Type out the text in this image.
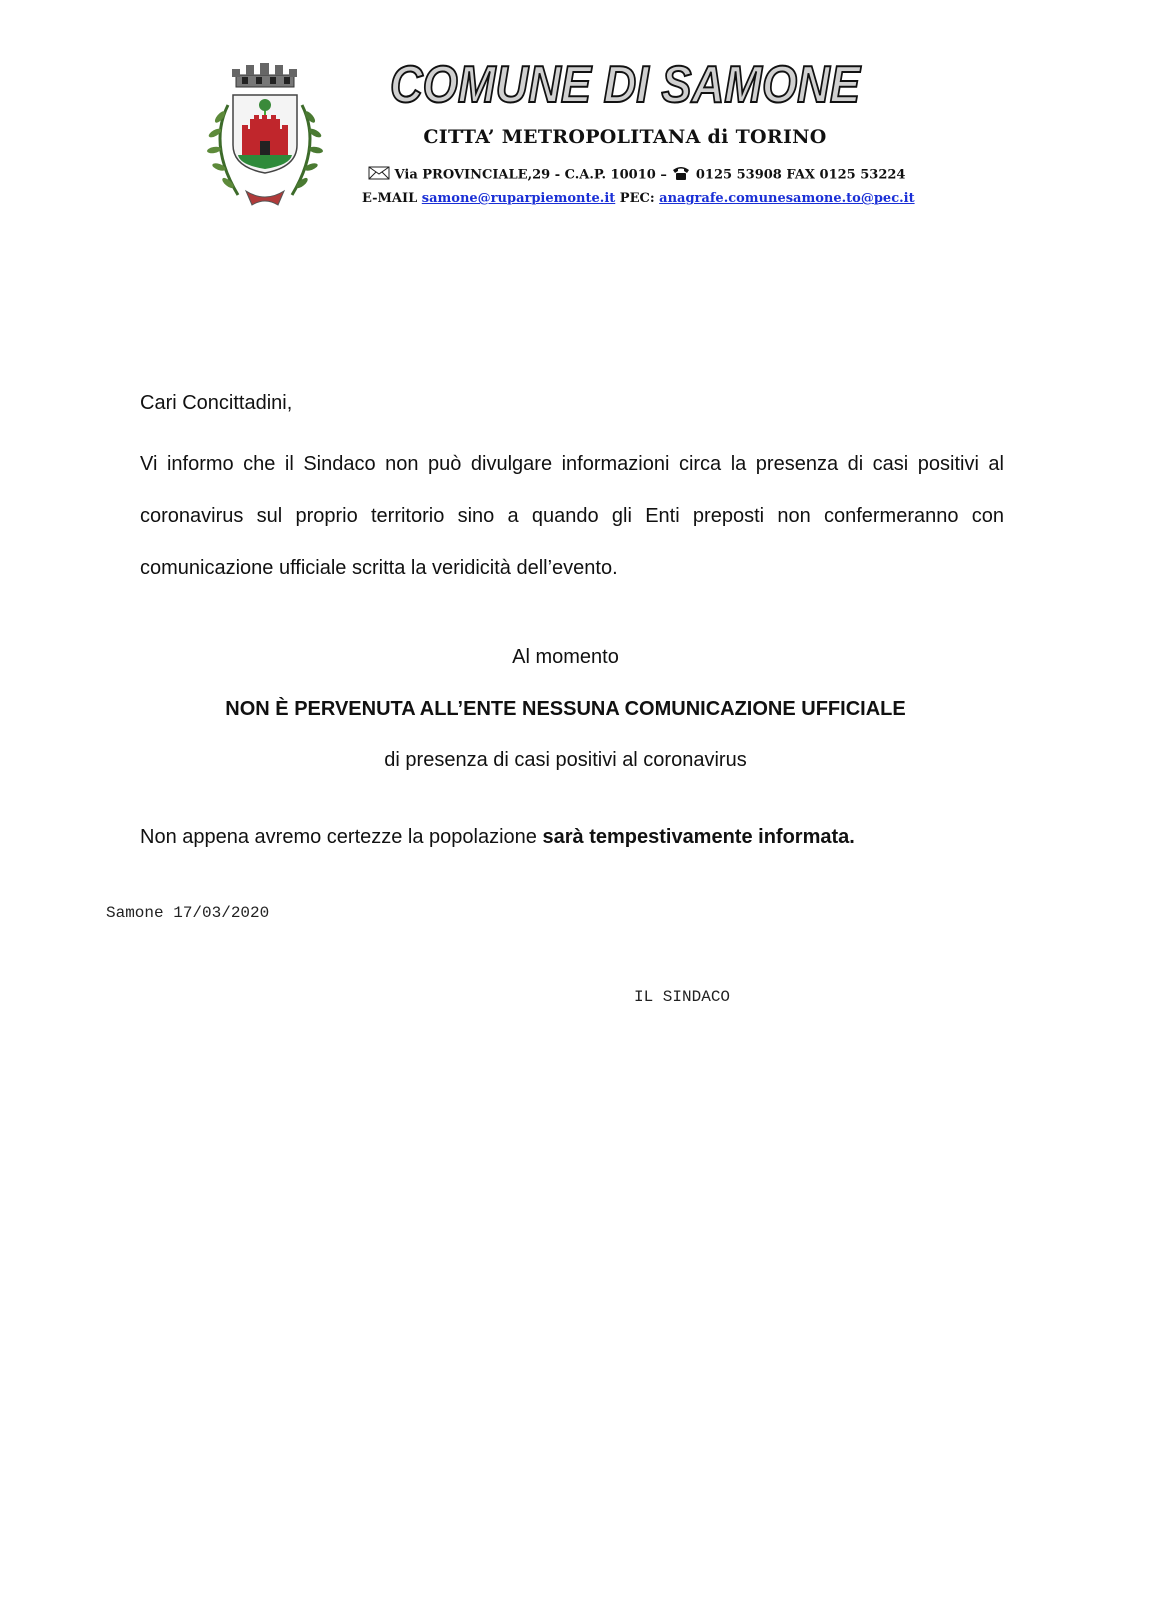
COMUNE DI SAMONE
CITTA’ METROPOLITANA di TORINO
Via PROVINCIALE,29 - C.A.P. 10010 – 0125 53908 FAX 0125 53224
E-MAIL samone@ruparpiemonte.it PEC: anagrafe.comunesamone.to@pec.it
Cari Concittadini,
Vi informo che il Sindaco non può divulgare informazioni circa la presenza di casi positivi al coronavirus sul proprio territorio sino a quando gli Enti preposti non confermeranno con comunicazione ufficiale scritta la veridicità dell’evento.
Al momento
NON È PERVENUTA ALL’ENTE NESSUNA COMUNICAZIONE UFFICIALE
di presenza di casi positivi al coronavirus
Non appena avremo certezze la popolazione sarà tempestivamente informata.
Samone 17/03/2020
IL SINDACO
